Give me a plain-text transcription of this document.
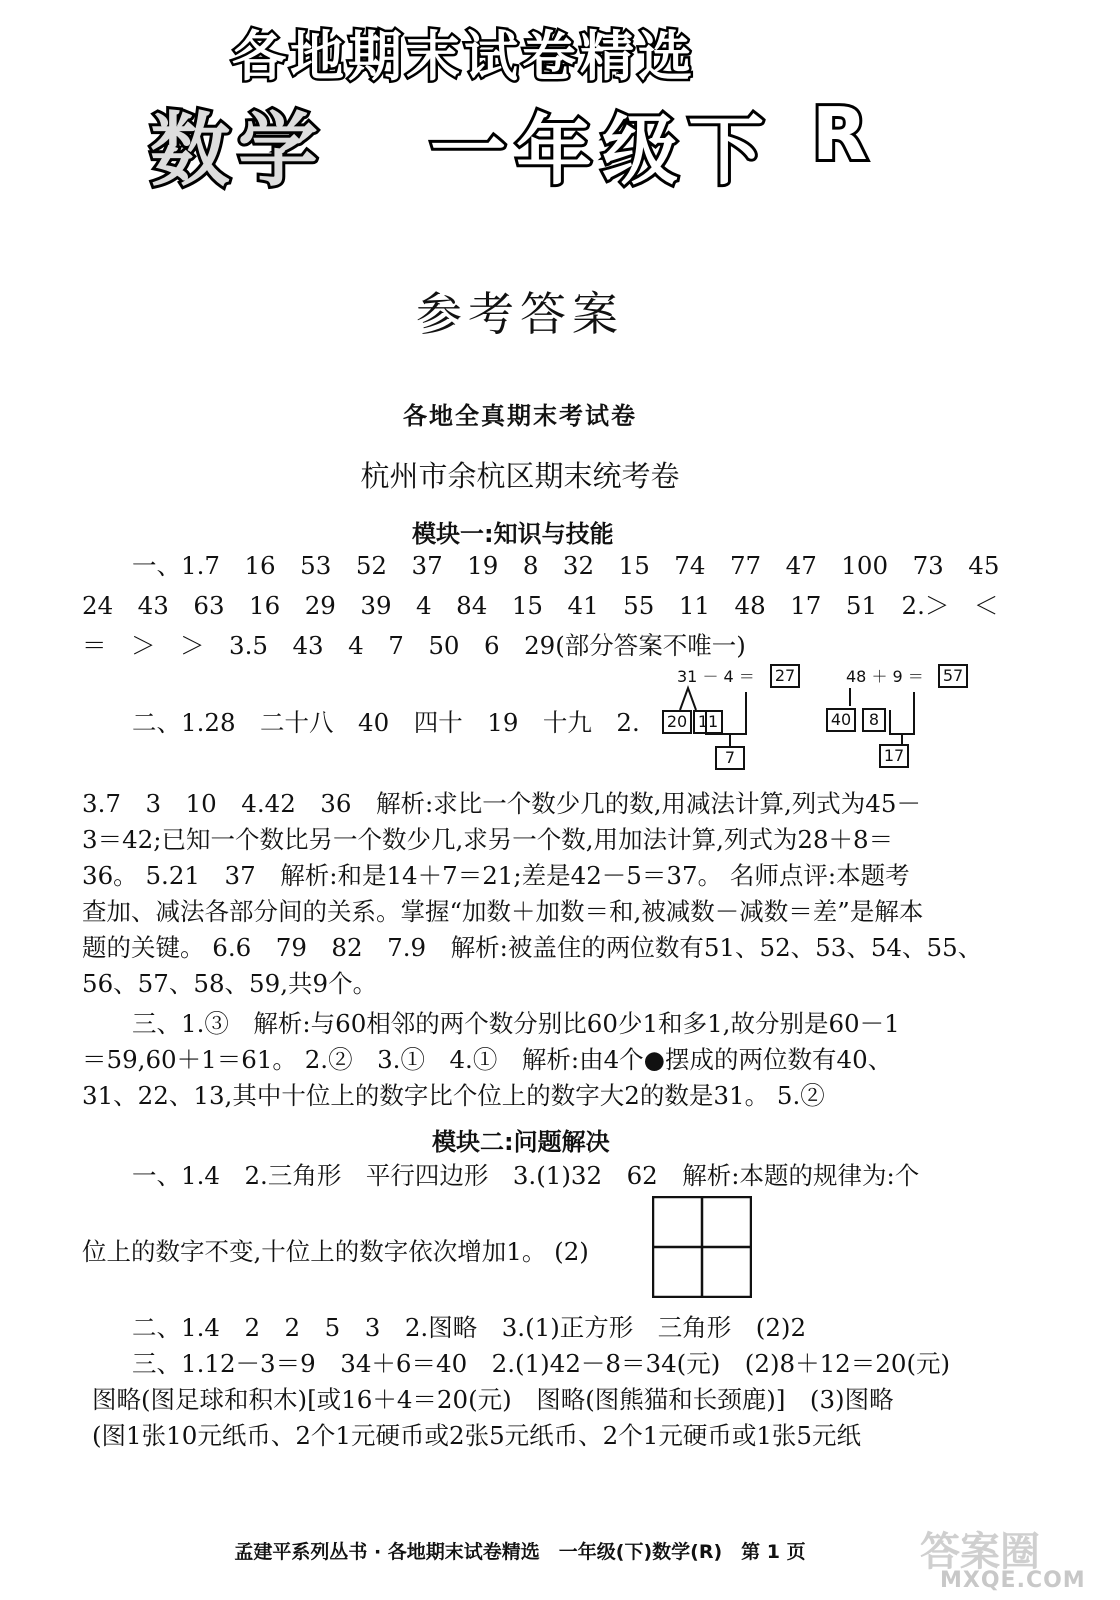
各地期末试卷精选
数学 一年级下 R
参考答案
各地全真期末考试卷
杭州市余杭区期末统考卷
模块一:知识与技能
一、1.7　16　53　52　37　19　8　32　15　74　77　47　100　73　45
24　43　63　16　29　39　4　84　15　41　55　11　48　17　51　2.＞　＜
＝　＞　＞　3.5　43　4　7　50　6　29(部分答案不唯一)
二、1.28　二十八　40　四十　19　十九　2.
31 － 4 ＝	27
20 11
7
48 ＋ 9 ＝	57
40	8
17
3.7　3　10　4.42　36　解析:求比一个数少几的数,用减法计算,列式为45－
3＝42;已知一个数比另一个数少几,求另一个数,用加法计算,列式为28＋8＝
36。 5.21　37　解析:和是14＋7＝21;差是42－5＝37。 名师点评:本题考
查加、减法各部分间的关系。掌握“加数＋加数＝和,被减数－减数＝差”是解本
题的关键。 6.6　79　82　7.9　解析:被盖住的两位数有51、52、53、54、55、
56、57、58、59,共9个。
三、1.③　解析:与60相邻的两个数分别比60少1和多1,故分别是60－1
＝59,60＋1＝61。 2.②　3.①　4.①　解析:由4个●摆成的两位数有40、
31、22、13,其中十位上的数字比个位上的数字大2的数是31。 5.②
模块二:问题解决
一、1.4　2.三角形　平行四边形　3.(1)32　62　解析:本题的规律为:个
位上的数字不变,十位上的数字依次增加1。 (2)
二、1.4　2　2　5　3　2.图略　3.(1)正方形　三角形　(2)2
三、1.12－3＝9　34＋6＝40　2.(1)42－8＝34(元)　(2)8＋12＝20(元)
图略(图足球和积木)[或16＋4＝20(元)　图略(图熊猫和长颈鹿)]　(3)图略
(图1张10元纸币、2个1元硬币或2张5元纸币、2个1元硬币或1张5元纸
孟建平系列丛书 · 各地期末试卷精选　一年级(下)数学(R)　第 1 页	答案圈
MXQE.COM
